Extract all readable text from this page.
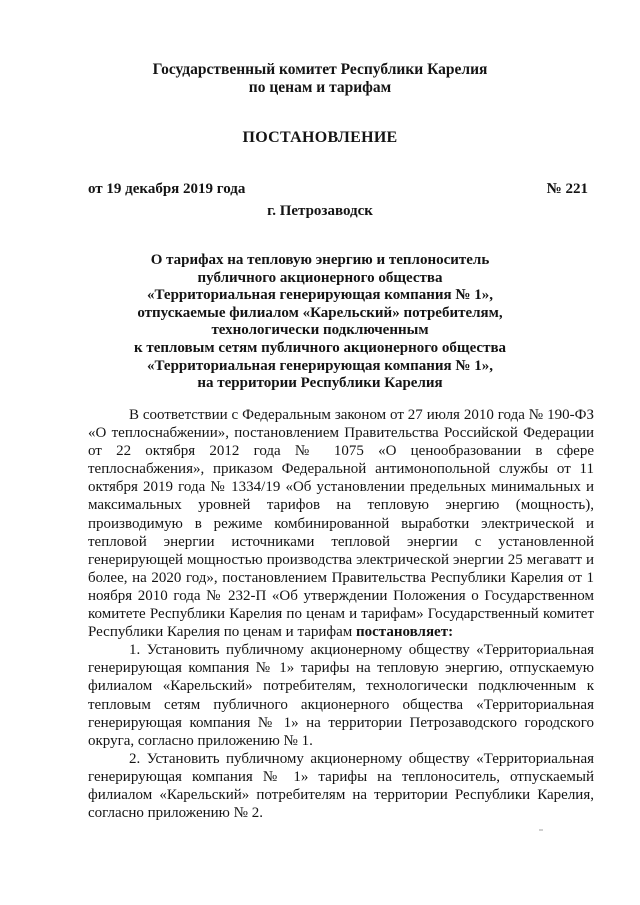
Государственный комитет Республики Карелия
по ценам и тарифам
ПОСТАНОВЛЕНИЕ
от 19 декабря 2019 года	№ 221
г. Петрозаводск
О тарифах на тепловую энергию и теплоноситель
публичного акционерного общества
«Территориальная генерирующая компания № 1»,
отпускаемые филиалом «Карельский» потребителям,
технологически подключенным
к тепловым сетям публичного акционерного общества
«Территориальная генерирующая компания № 1»,
на территории Республики Карелия

В соответствии с Федеральным законом от 27 июля 2010 года № 190-ФЗ «О теплоснабжении», постановлением Правительства Российской Федерации от 22 октября 2012 года № 1075 «О ценообразовании в сфере теплоснабжения», приказом Федеральной антимонопольной службы от 11 октября 2019 года № 1334/19 «Об установлении предельных минимальных и максимальных уровней тарифов на тепловую энергию (мощность), производимую в режиме комбинированной выработки электрической и тепловой энергии источниками тепловой энергии с установленной генерирующей мощностью производства электрической энергии 25 мегаватт и более, на 2020 год», постановлением Правительства Республики Карелия от 1 ноября 2010 года № 232-П «Об утверждении Положения о Государственном комитете Республики Карелия по ценам и тарифам» Государственный комитет Республики Карелия по ценам и тарифам постановляет:

1. Установить публичному акционерному обществу «Территориальная генерирующая компания № 1» тарифы на тепловую энергию, отпускаемую филиалом «Карельский» потребителям, технологически подключенным к тепловым сетям публичного акционерного общества «Территориальная генерирующая компания № 1» на территории Петрозаводского городского округа, согласно приложению № 1.

2. Установить публичному акционерному обществу «Территориальная генерирующая компания № 1» тарифы на теплоноситель, отпускаемый филиалом «Карельский» потребителям на территории Республики Карелия, согласно приложению № 2.
